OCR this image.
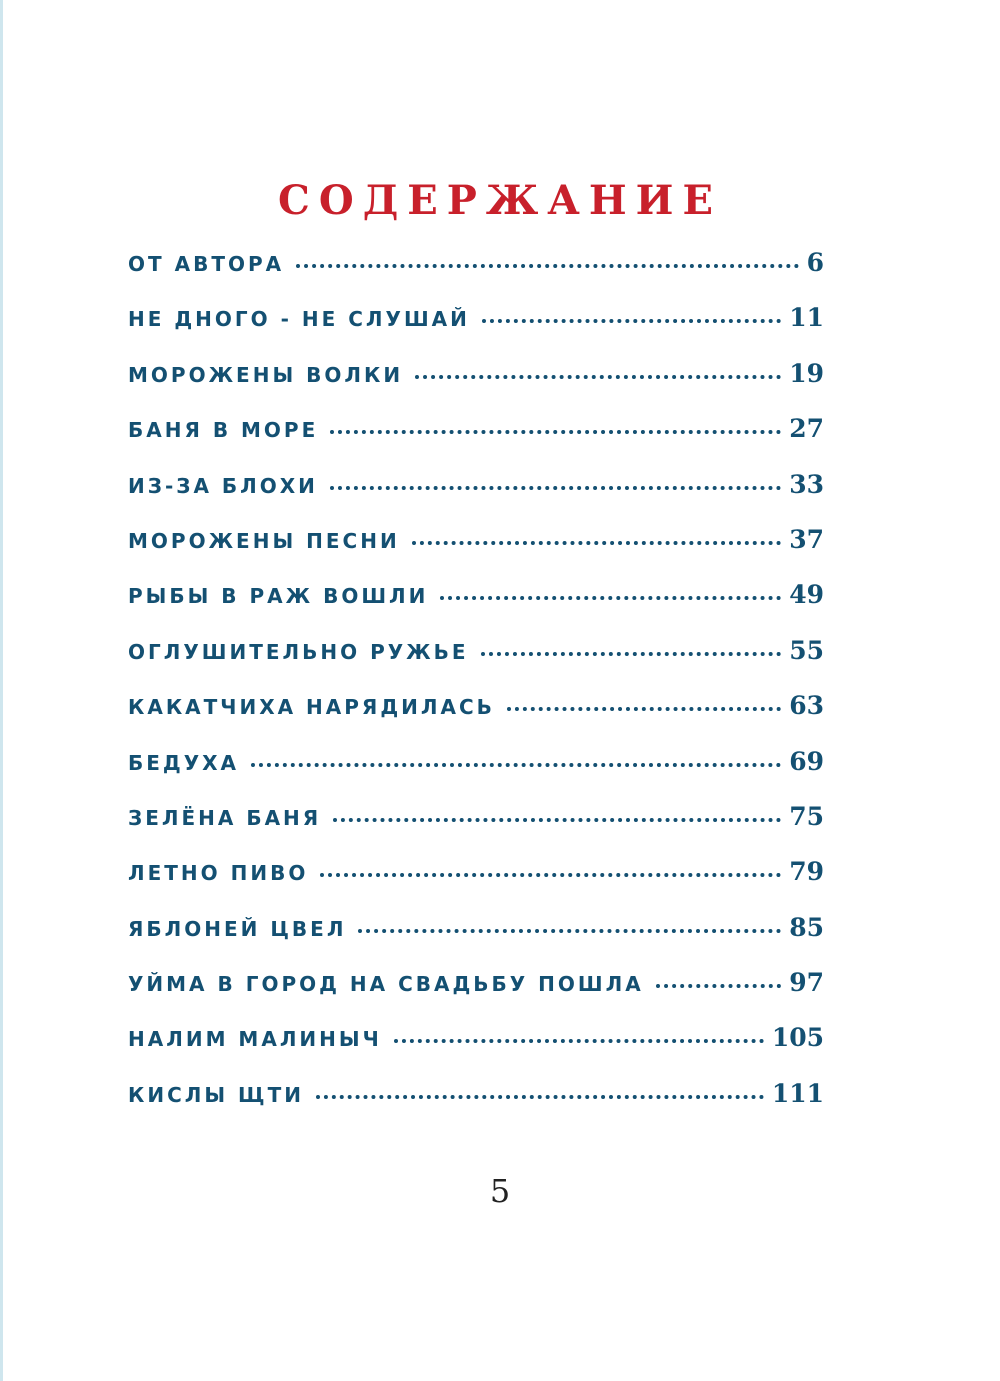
СОДЕРЖАНИЕ
ОТ АВТОРА	6
НЕ ДНОГО - НЕ СЛУШАЙ	11
МОРОЖЕНЫ ВОЛКИ	19
БАНЯ В МОРЕ	27
ИЗ-ЗА БЛОХИ	33
МОРОЖЕНЫ ПЕСНИ	37
РЫБЫ В РАЖ ВОШЛИ	49
ОГЛУШИТЕЛЬНО РУЖЬЕ	55
КАКАТЧИХА НАРЯДИЛАСЬ	63
БЕДУХА	69
ЗЕЛЁНА БАНЯ	75
ЛЕТНО ПИВО	79
ЯБЛОНЕЙ ЦВЕЛ	85
УЙМА В ГОРОД НА СВАДЬБУ ПОШЛА	97
НАЛИМ МАЛИНЫЧ	105
КИСЛЫ ЩТИ	111
5
